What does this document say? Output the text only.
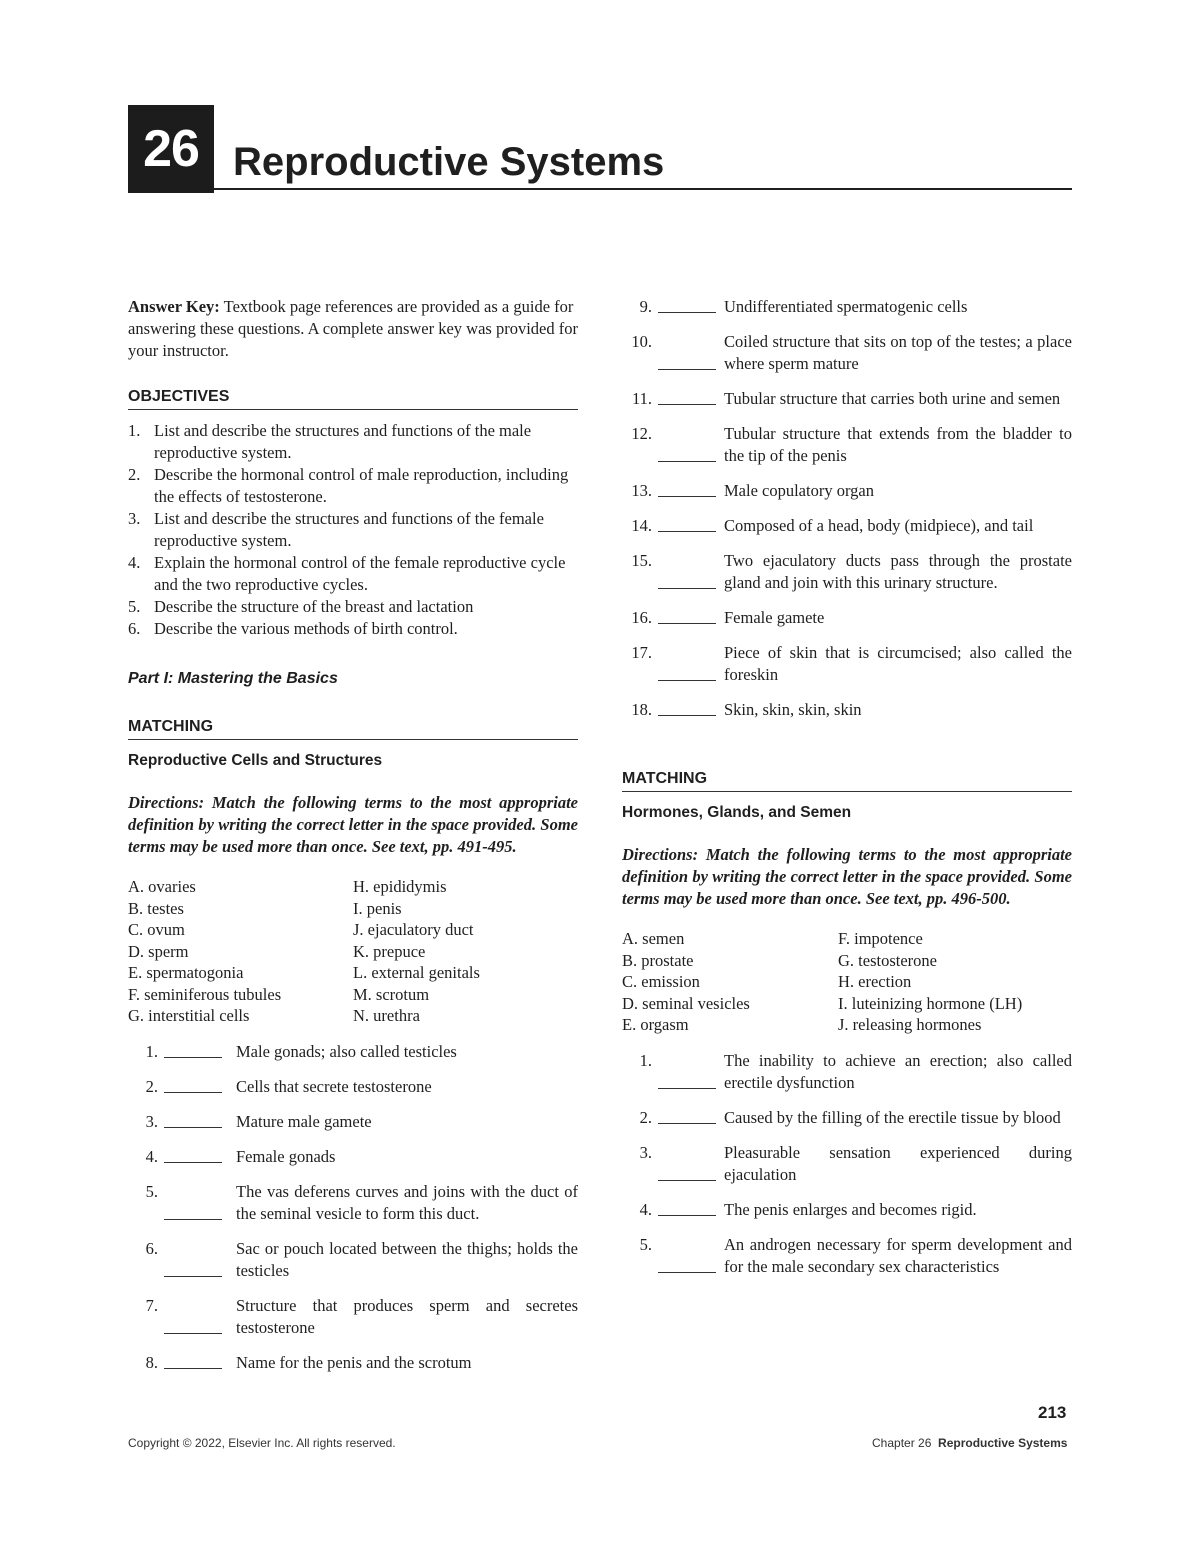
26 Reproductive Systems

Answer Key: Textbook page references are provided as a guide for answering these questions. A complete answer key was provided for your instructor.

OBJECTIVES
1. List and describe the structures and functions of the male reproductive system.
2. Describe the hormonal control of male reproduction, including the effects of testosterone.
3. List and describe the structures and functions of the female reproductive system.
4. Explain the hormonal control of the female reproductive cycle and the two reproductive cycles.
5. Describe the structure of the breast and lactation
6. Describe the various methods of birth control.
Part I: Mastering the Basics
MATCHING
Reproductive Cells and Structures

Directions: Match the following terms to the most appropriate definition by writing the correct letter in the space provided. Some terms may be used more than once. See text, pp. 491-495.

A. ovaries	H. epididymis
B. testes	I. penis
C. ovum	J. ejaculatory duct
D. sperm	K. prepuce
E. spermatogonia	L. external genitals
F. seminiferous tubules	M. scrotum
G. interstitial cells	N. urethra
1.	Male gonads; also called testicles
2.	Cells that secrete testosterone
3.	Mature male gamete
4.	Female gonads
5.	The vas deferens curves and joins with the duct of the seminal vesicle to form this duct.
6.	Sac or pouch located between the thighs; holds the testicles
7.	Structure that produces sperm and secretes testosterone
8.	Name for the penis and the scrotum
9.	Undifferentiated spermatogenic cells
10.	Coiled structure that sits on top of the testes; a place where sperm mature
11.	Tubular structure that carries both urine and semen
12.	Tubular structure that extends from the bladder to the tip of the penis
13.	Male copulatory organ
14.	Composed of a head, body (midpiece), and tail
15.	Two ejaculatory ducts pass through the prostate gland and join with this urinary structure.
16.	Female gamete
17.	Piece of skin that is circumcised; also called the foreskin
18.	Skin, skin, skin, skin
MATCHING
Hormones, Glands, and Semen

Directions: Match the following terms to the most appropriate definition by writing the correct letter in the space provided. Some terms may be used more than once. See text, pp. 496-500.

A. semen	F. impotence
B. prostate	G. testosterone
C. emission	H. erection
D. seminal vesicles	I. luteinizing hormone (LH)
E. orgasm	J. releasing hormones
1.	The inability to achieve an erection; also called erectile dysfunction
2.	Caused by the filling of the erectile tissue by blood
3.	Pleasurable sensation experienced during ejaculation
4.	The penis enlarges and becomes rigid.
5.	An androgen necessary for sperm development and for the male secondary sex characteristics
213
Copyright © 2022, Elsevier Inc. All rights reserved.	Chapter 26 Reproductive Systems
